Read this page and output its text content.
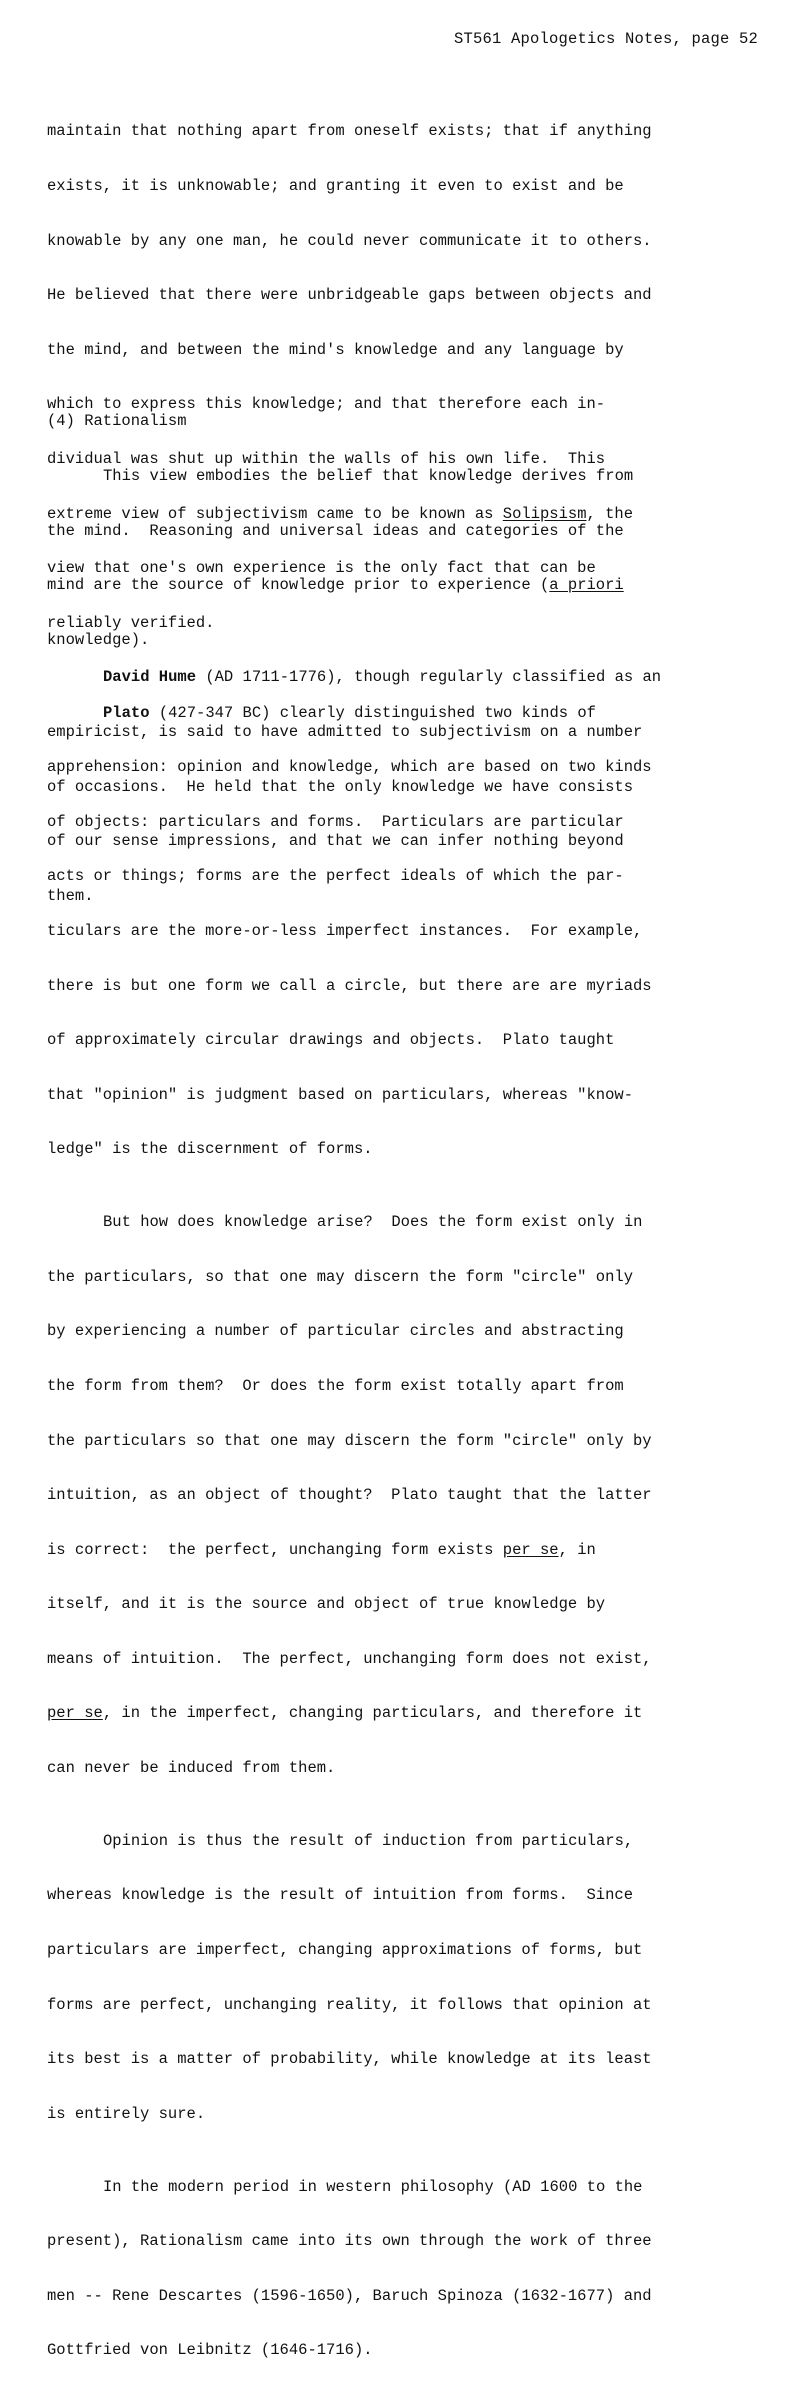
ST561 Apologetics Notes, page 52

maintain that nothing apart from oneself exists; that if anything

exists, it is unknowable; and granting it even to exist and be

knowable by any one man, he could never communicate it to others.

He believed that there were unbridgeable gaps between objects and

the mind, and between the mind's knowledge and any language by

which to express this knowledge; and that therefore each in-

dividual was shut up within the walls of his own life.  This

extreme view of subjectivism came to be known as Solipsism, the

view that one's own experience is the only fact that can be

reliably verified.

David Hume (AD 1711-1776), though regularly classified as an

empiricist, is said to have admitted to subjectivism on a number

of occasions.  He held that the only knowledge we have consists

of our sense impressions, and that we can infer nothing beyond

them.

(4) Rationalism

This view embodies the belief that knowledge derives from

the mind.  Reasoning and universal ideas and categories of the

mind are the source of knowledge prior to experience (a priori

knowledge).

Plato (427-347 BC) clearly distinguished two kinds of

apprehension: opinion and knowledge, which are based on two kinds

of objects: particulars and forms.  Particulars are particular

acts or things; forms are the perfect ideals of which the par-

ticulars are the more-or-less imperfect instances.  For example,

there is but one form we call a circle, but there are are myriads

of approximately circular drawings and objects.  Plato taught

that "opinion" is judgment based on particulars, whereas "know-

ledge" is the discernment of forms.

But how does knowledge arise?  Does the form exist only in

the particulars, so that one may discern the form "circle" only

by experiencing a number of particular circles and abstracting

the form from them?  Or does the form exist totally apart from

the particulars so that one may discern the form "circle" only by

intuition, as an object of thought?  Plato taught that the latter

is correct:  the perfect, unchanging form exists per se, in

itself, and it is the source and object of true knowledge by

means of intuition.  The perfect, unchanging form does not exist,

per se, in the imperfect, changing particulars, and therefore it

can never be induced from them.

Opinion is thus the result of induction from particulars,

whereas knowledge is the result of intuition from forms.  Since

particulars are imperfect, changing approximations of forms, but

forms are perfect, unchanging reality, it follows that opinion at

its best is a matter of probability, while knowledge at its least

is entirely sure.

In the modern period in western philosophy (AD 1600 to the

present), Rationalism came into its own through the work of three

men -- Rene Descartes (1596-1650), Baruch Spinoza (1632-1677) and

Gottfried von Leibnitz (1646-1716).
